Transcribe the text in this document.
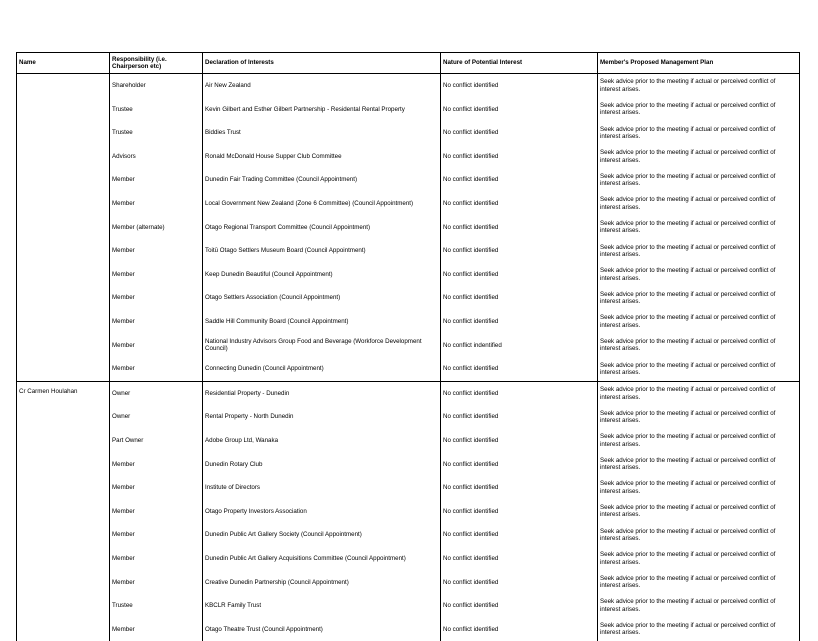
Name	Responsibility (i.e. Chairperson etc)	Declaration of Interests	Nature of Potential Interest	Member's Proposed Management Plan
	Shareholder	Air New Zealand	No conflict identified	Seek advice prior to the meeting if actual or perceived conflict of interest arises.
	Trustee	Kevin Gilbert and Esther Gilbert Partnership - Residental Rental Property	No conflict identified	Seek advice prior to the meeting if actual or perceived conflict of interest arises.
	Trustee	Biddies Trust	No conflict identified	Seek advice prior to the meeting if actual or perceived conflict of interest arises.
	Advisors	Ronald McDonald House Supper Club Committee	No conflict identified	Seek advice prior to the meeting if actual or perceived conflict of interest arises.
	Member	Dunedin Fair Trading Committee (Council Appointment)	No conflict identified	Seek advice prior to the meeting if actual or perceived conflict of interest arises.
	Member	Local Government New Zealand (Zone 6 Committee) (Council Appointment)	No conflict identified	Seek advice prior to the meeting if actual or perceived conflict of interest arises.
	Member (alternate)	Otago Regional Transport Committee (Council Appointment)	No conflict identified	Seek advice prior to the meeting if actual or perceived conflict of interest arises.
	Member	Toitū Otago Settlers Museum Board (Council Appointment)	No conflict identified	Seek advice prior to the meeting if actual or perceived conflict of interest arises.
	Member	Keep Dunedin Beautiful (Council Appointment)	No conflict identified	Seek advice prior to the meeting if actual or perceived conflict of interest arises.
	Member	Otago Settlers Association (Council Appointment)	No conflict identified	Seek advice prior to the meeting if actual or perceived conflict of interest arises.
	Member	Saddle Hill Community Board (Council Appointment)	No conflict identified	Seek advice prior to the meeting if actual or perceived conflict of interest arises.
	Member	National Industry Advisors Group Food and Beverage (Workforce Development Council)	No conflict indentified	Seek advice prior to the meeting if actual or perceived conflict of interest arises.
	Member	Connecting Dunedin (Council Appointment)	No conflict identified	Seek advice prior to the meeting if actual or perceived conflict of interest arises.
Cr Carmen Houlahan	Owner	Residential Property - Dunedin	No conflict identified	Seek advice prior to the meeting if actual or perceived conflict of interest arises.
	Owner	Rental Property - North Dunedin	No conflict identified	Seek advice prior to the meeting if actual or perceived conflict of interest arises.
	Part Owner	Adobe Group Ltd, Wanaka	No conflict identified	Seek advice prior to the meeting if actual or perceived conflict of interest arises.
	Member	Dunedin Rotary Club	No conflict identified	Seek advice prior to the meeting if actual or perceived conflict of interest arises.
	Member	Institute of Directors	No conflict identified	Seek advice prior to the meeting if actual or perceived conflict of interest arises.
	Member	Otago Property Investors Association	No conflict identified	Seek advice prior to the meeting if actual or perceived conflict of interest arises.
	Member	Dunedin Public Art Gallery Society (Council Appointment)	No conflict identified	Seek advice prior to the meeting if actual or perceived conflict of interest arises.
	Member	Dunedin Public Art Gallery Acquisitions Committee (Council Appointment)	No conflict identified	Seek advice prior to the meeting if actual or perceived conflict of interest arises.
	Member	Creative Dunedin Partnership (Council Appointment)	No conflict identified	Seek advice prior to the meeting if actual or perceived conflict of interest arises.
	Trustee	KBCLR Family Trust	No conflict identified	Seek advice prior to the meeting if actual or perceived conflict of interest arises.
	Member	Otago Theatre Trust (Council Appointment)	No conflict identified	Seek advice prior to the meeting if actual or perceived conflict of interest arises.
